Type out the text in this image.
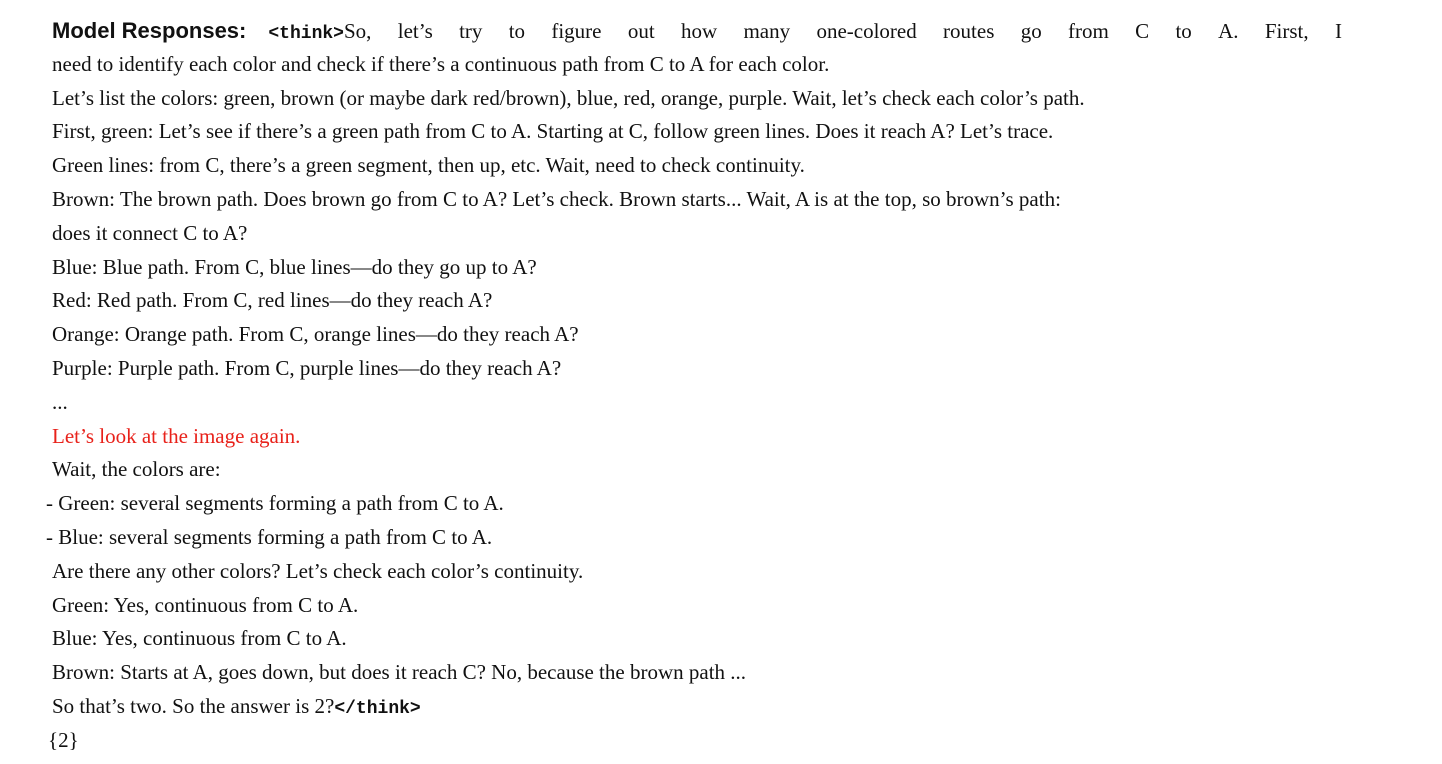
Model Responses: <think>So, let’s try to figure out how many one-colored routes go from C to A. First, I
need to identify each color and check if there’s a continuous path from C to A for each color.
Let’s list the colors: green, brown (or maybe dark red/brown), blue, red, orange, purple. Wait, let’s check each color’s path.
First, green: Let’s see if there’s a green path from C to A. Starting at C, follow green lines. Does it reach A? Let’s trace.
Green lines: from C, there’s a green segment, then up, etc. Wait, need to check continuity.
Brown: The brown path. Does brown go from C to A? Let’s check. Brown starts... Wait, A is at the top, so brown’s path:
does it connect C to A?
Blue: Blue path. From C, blue lines—do they go up to A?
Red: Red path. From C, red lines—do they reach A?
Orange: Orange path. From C, orange lines—do they reach A?
Purple: Purple path. From C, purple lines—do they reach A?
...
Let’s look at the image again.
Wait, the colors are:
- Green: several segments forming a path from C to A.
- Blue: several segments forming a path from C to A.
Are there any other colors? Let’s check each color’s continuity.
Green: Yes, continuous from C to A.
Blue: Yes, continuous from C to A.
Brown: Starts at A, goes down, but does it reach C? No, because the brown path ...
So that’s two. So the answer is 2?</think>
{2}
